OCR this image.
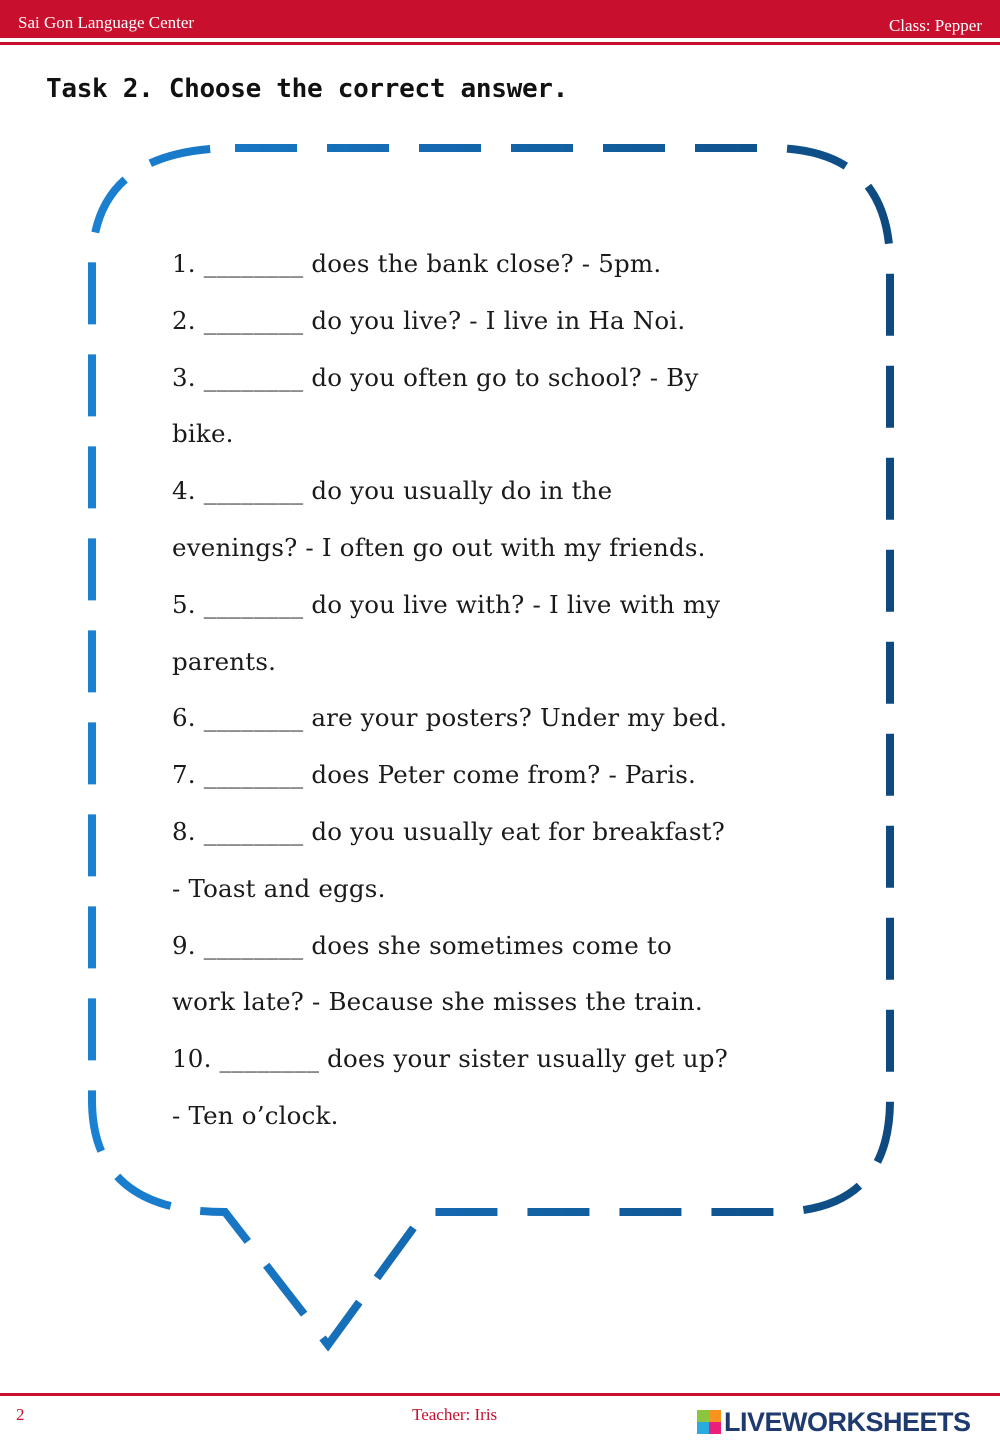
Sai Gon Language Center	Class: Pepper
Task 2. Choose the correct answer.
1. ________ does the bank close? - 5pm.
2. ________ do you live? - I live in Ha Noi.
3. ________ do you often go to school? - By
bike.
4. ________ do you usually do in the
evenings? - I often go out with my friends.
5. ________ do you live with? - I live with my
parents.
6. ________ are your posters? Under my bed.
7. ________ does Peter come from? - Paris.
8. ________ do you usually eat for breakfast?
- Toast and eggs.
9. ________ does she sometimes come to
work late? - Because she misses the train.
10. ________ does your sister usually get up?
- Ten o’clock.
2	Teacher: Iris	LIVEWORKSHEETS
